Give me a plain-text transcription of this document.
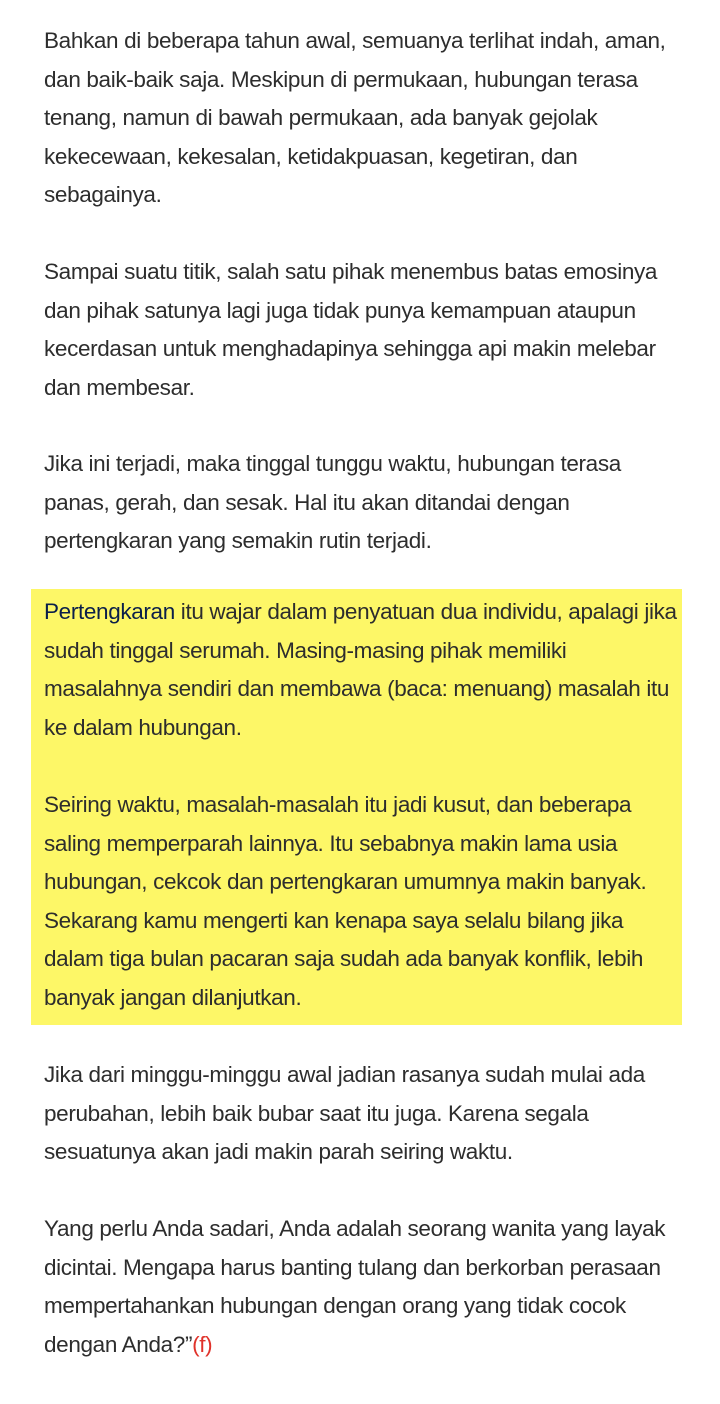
Bahkan di beberapa tahun awal, semuanya terlihat indah, aman, dan baik-baik saja. Meskipun di permukaan, hubungan terasa tenang, namun di bawah permukaan, ada banyak gejolak kekecewaan, kekesalan, ketidakpuasan, kegetiran, dan sebagainya.

Sampai suatu titik, salah satu pihak menembus batas emosinya dan pihak satunya lagi juga tidak punya kemampuan ataupun kecerdasan untuk menghadapinya sehingga api makin melebar dan membesar.

Jika ini terjadi, maka tinggal tunggu waktu, hubungan terasa panas, gerah, dan sesak. Hal itu akan ditandai dengan pertengkaran yang semakin rutin terjadi.

Pertengkaran itu wajar dalam penyatuan dua individu, apalagi jika sudah tinggal serumah. Masing-masing pihak memiliki masalahnya sendiri dan membawa (baca: menuang) masalah itu ke dalam hubungan.

Seiring waktu, masalah-masalah itu jadi kusut, dan beberapa saling memperparah lainnya. Itu sebabnya makin lama usia hubungan, cekcok dan pertengkaran umumnya makin banyak. Sekarang kamu mengerti kan kenapa saya selalu bilang jika dalam tiga bulan pacaran saja sudah ada banyak konflik, lebih banyak jangan dilanjutkan.

Jika dari minggu-minggu awal jadian rasanya sudah mulai ada perubahan, lebih baik bubar saat itu juga. Karena segala sesuatunya akan jadi makin parah seiring waktu.

Yang perlu Anda sadari, Anda adalah seorang wanita yang layak dicintai. Mengapa harus banting tulang dan berkorban perasaan mempertahankan hubungan dengan orang yang tidak cocok dengan Anda?”(f)
